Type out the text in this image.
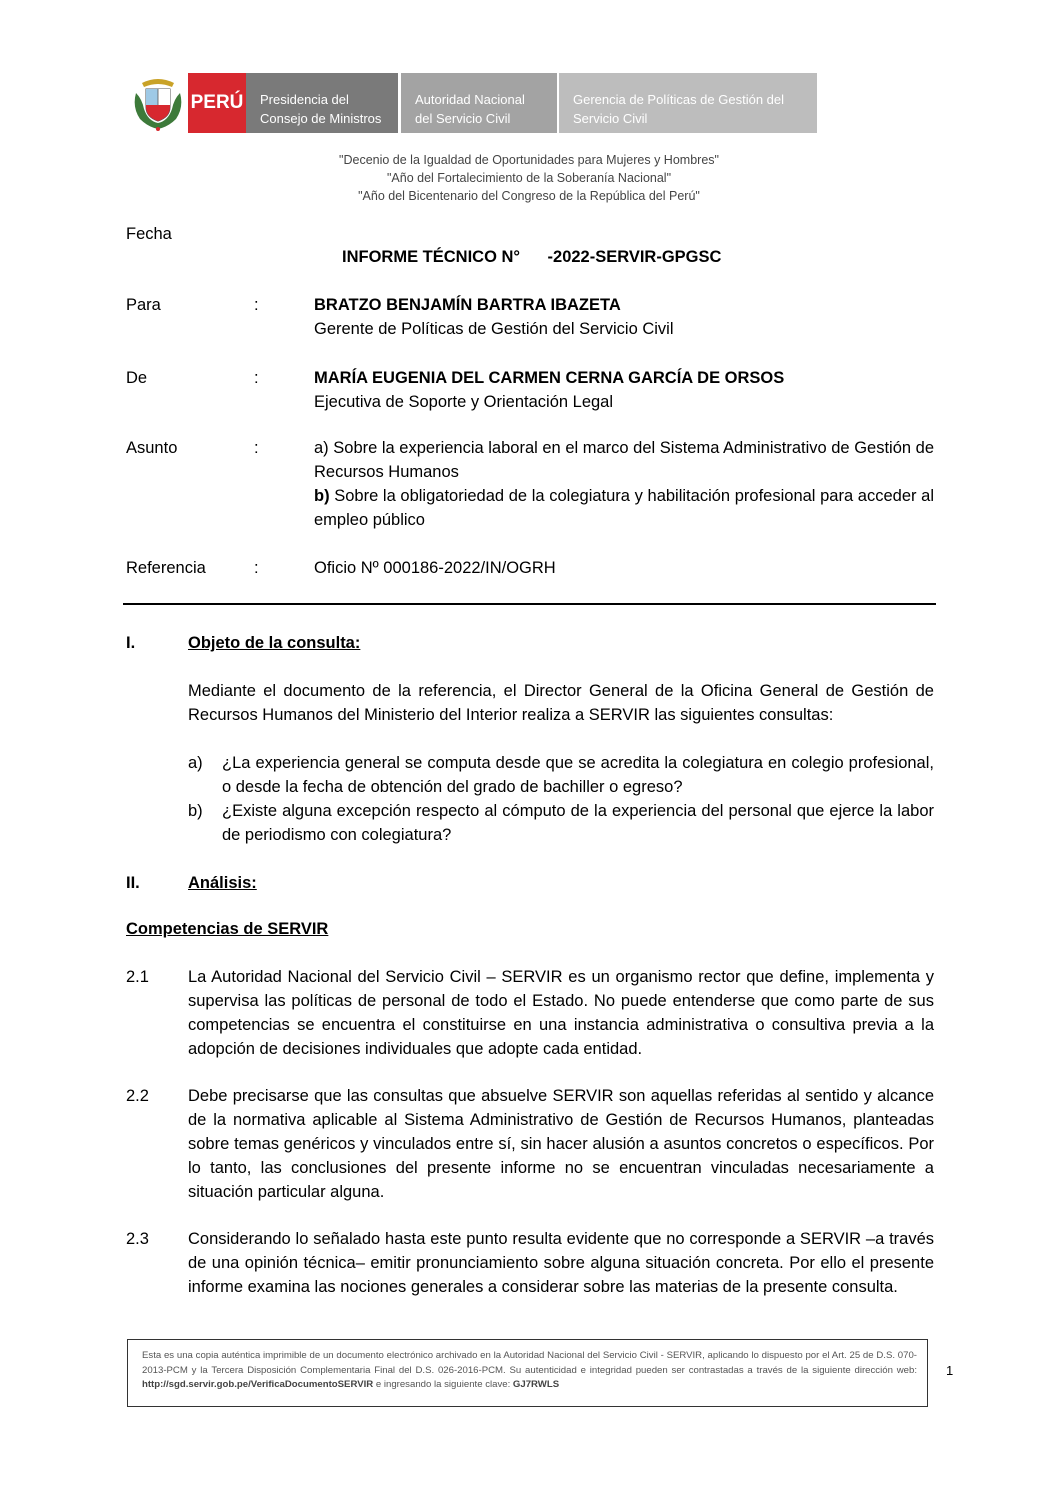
PERÚ Presidencia del
Consejo de Ministros
Autoridad Nacional
del Servicio Civil
Gerencia de Políticas de Gestión del
Servicio Civil
"Decenio de la Igualdad de Oportunidades para Mujeres y Hombres"
"Año del Fortalecimiento de la Soberanía Nacional"
"Año del Bicentenario del Congreso de la República del Perú"
Fecha
INFORME TÉCNICO N°      -2022-SERVIR-GPGSC
Para	:	BRATZO BENJAMÍN BARTRA IBAZETA
Gerente de Políticas de Gestión del Servicio Civil
De	:	MARÍA EUGENIA DEL CARMEN CERNA GARCÍA DE ORSOS
Ejecutiva de Soporte y Orientación Legal
Asunto	:	a) Sobre la experiencia laboral en el marco del Sistema Administrativo de Gestión de Recursos Humanos
b) Sobre la obligatoriedad de la colegiatura y habilitación profesional para acceder al empleo público
Referencia	:	Oficio Nº 000186-2022/IN/OGRH
I.	Objeto de la consulta:
Mediante el documento de la referencia, el Director General de la Oficina General de Gestión de Recursos Humanos del Ministerio del Interior realiza a SERVIR las siguientes consultas:
a) ¿La experiencia general se computa desde que se acredita la colegiatura en colegio profesional, o desde la fecha de obtención del grado de bachiller o egreso?
b) ¿Existe alguna excepción respecto al cómputo de la experiencia del personal que ejerce la labor de periodismo con colegiatura?
II.	Análisis:
Competencias de SERVIR
2.1 La Autoridad Nacional del Servicio Civil – SERVIR es un organismo rector que define, implementa y supervisa las políticas de personal de todo el Estado. No puede entenderse que como parte de sus competencias se encuentra el constituirse en una instancia administrativa o consultiva previa a la adopción de decisiones individuales que adopte cada entidad.
2.2 Debe precisarse que las consultas que absuelve SERVIR son aquellas referidas al sentido y alcance de la normativa aplicable al Sistema Administrativo de Gestión de Recursos Humanos, planteadas sobre temas genéricos y vinculados entre sí, sin hacer alusión a asuntos concretos o específicos. Por lo tanto, las conclusiones del presente informe no se encuentran vinculadas necesariamente a situación particular alguna.
2.3 Considerando lo señalado hasta este punto resulta evidente que no corresponde a SERVIR –a través de una opinión técnica– emitir pronunciamiento sobre alguna situación concreta. Por ello el presente informe examina las nociones generales a considerar sobre las materias de la presente consulta.
Esta es una copia auténtica imprimible de un documento electrónico archivado en la Autoridad Nacional del Servicio Civil - SERVIR, aplicando lo dispuesto por el Art. 25 de D.S. 070-2013-PCM y la Tercera Disposición Complementaria Final del D.S. 026-2016-PCM. Su autenticidad e integridad pueden ser contrastadas a través de la siguiente dirección web: http://sgd.servir.gob.pe/VerificaDocumentoSERVIR e ingresando la siguiente clave: GJ7RWLS
1
